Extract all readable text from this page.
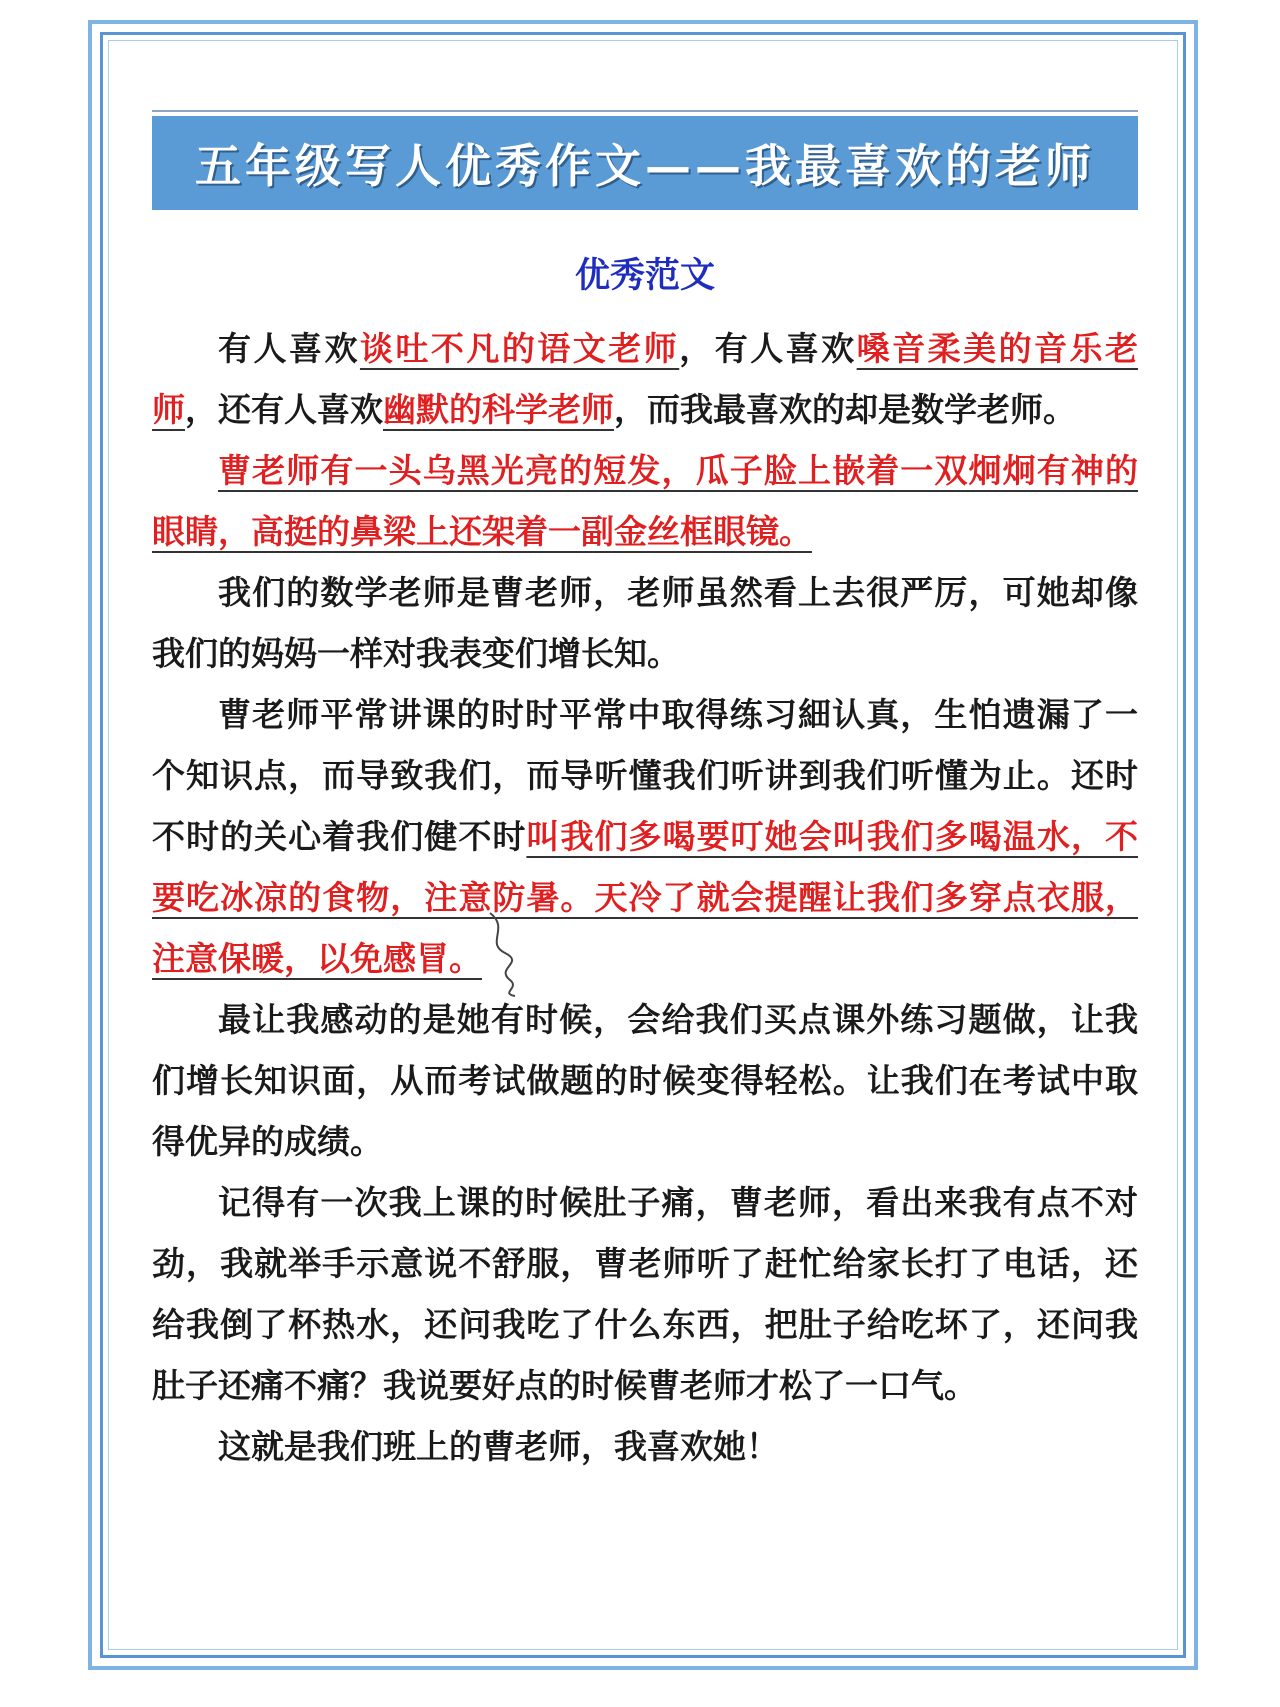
五年级写人优秀作文——我最喜欢的老师
优秀范文

有人喜欢谈吐不凡的语文老师，有人喜欢嗓音柔美的音乐老师，还有人喜欢幽默的科学老师，而我最喜欢的却是数学老师。

曹老师有一头乌黑光亮的短发，瓜子脸上嵌着一双炯炯有神的眼睛，高挺的鼻梁上还架着一副金丝框眼镜。

我们的数学老师是曹老师，老师虽然看上去很严厉，可她却像我们的妈妈一样对我表变们增长知。

曹老师平常讲课的时时平常中取得练习細认真，生怕遗漏了一个知识点，而导致我们，而导听懂我们听讲到我们听懂为止。还时不时的关心着我们健不时叫我们多喝要叮她会叫我们多喝温水，不要吃冰凉的食物，注意防暑。天冷了就会提醒让我们多穿点衣服，注意保暖，以免感冒。

最让我感动的是她有时候，会给我们买点课外练习题做，让我们增长知识面，从而考试做题的时候变得轻松。让我们在考试中取得优异的成绩。

记得有一次我上课的时候肚子痛，曹老师，看出来我有点不对劲，我就举手示意说不舒服，曹老师听了赶忙给家长打了电话，还给我倒了杯热水，还问我吃了什么东西，把肚子给吃坏了，还问我肚子还痛不痛？我说要好点的时候曹老师才松了一口气。

这就是我们班上的曹老师，我喜欢她！
